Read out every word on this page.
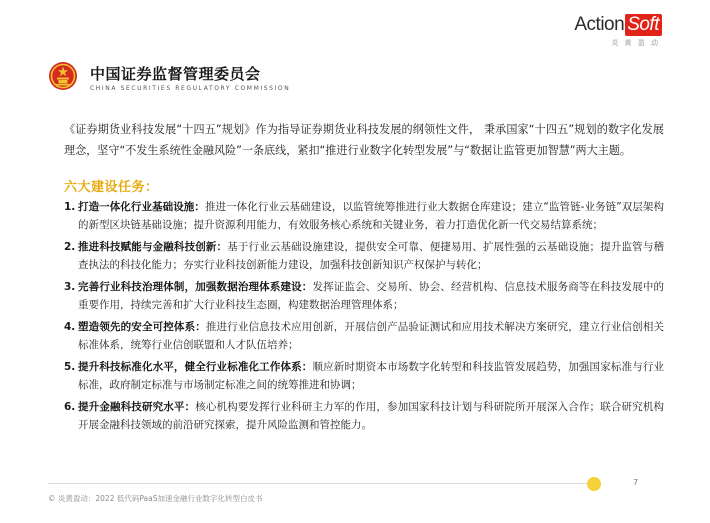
Action Soft
炎 黄 盈 动
中国证券监督管理委员会
CHINA SECURITIES REGULATORY COMMISSION

《证券期货业科技发展“十四五”规划》作为指导证券期货业科技发展的纲领性文件， 秉承国家“十四五”规划的数字化发展理念，坚守“不发生系统性金融风险”一条底线，紧扣“推进行业数字化转型发展”与“数据让监管更加智慧”两大主题。

六大建设任务：
1. 打造一体化行业基础设施：推进一体化行业云基础建设，以监管统筹推进行业大数据仓库建设；建立“监管链-业务链”双层架构的新型区块链基础设施；提升资源利用能力，有效服务核心系统和关键业务，着力打造优化新一代交易结算系统；
2. 推进科技赋能与金融科技创新：基于行业云基础设施建设，提供安全可靠、便捷易用、扩展性强的云基础设施；提升监管与稽查执法的科技化能力；夯实行业科技创新能力建设，加强科技创新知识产权保护与转化；
3. 完善行业科技治理体制，加强数据治理体系建设：发挥证监会、交易所、协会、经营机构、信息技术服务商等在科技发展中的重要作用，持续完善和扩大行业科技生态圈，构建数据治理管理体系；
4. 塑造领先的安全可控体系：推进行业信息技术应用创新，开展信创产品验证测试和应用技术解决方案研究，建立行业信创相关标准体系，统筹行业信创联盟和人才队伍培养；
5. 提升科技标准化水平，健全行业标准化工作体系：顺应新时期资本市场数字化转型和科技监管发展趋势，加强国家标准与行业标准，政府制定标准与市场制定标准之间的统筹推进和协调；
6. 提升金融科技研究水平：核心机构要发挥行业科研主力军的作用，参加国家科技计划与科研院所开展深入合作；联合研究机构开展金融科技领域的前沿研究探索，提升风险监测和管控能力。
7
© 炎黄盈动：2022 低代码PaaS加速金融行业数字化转型白皮书
